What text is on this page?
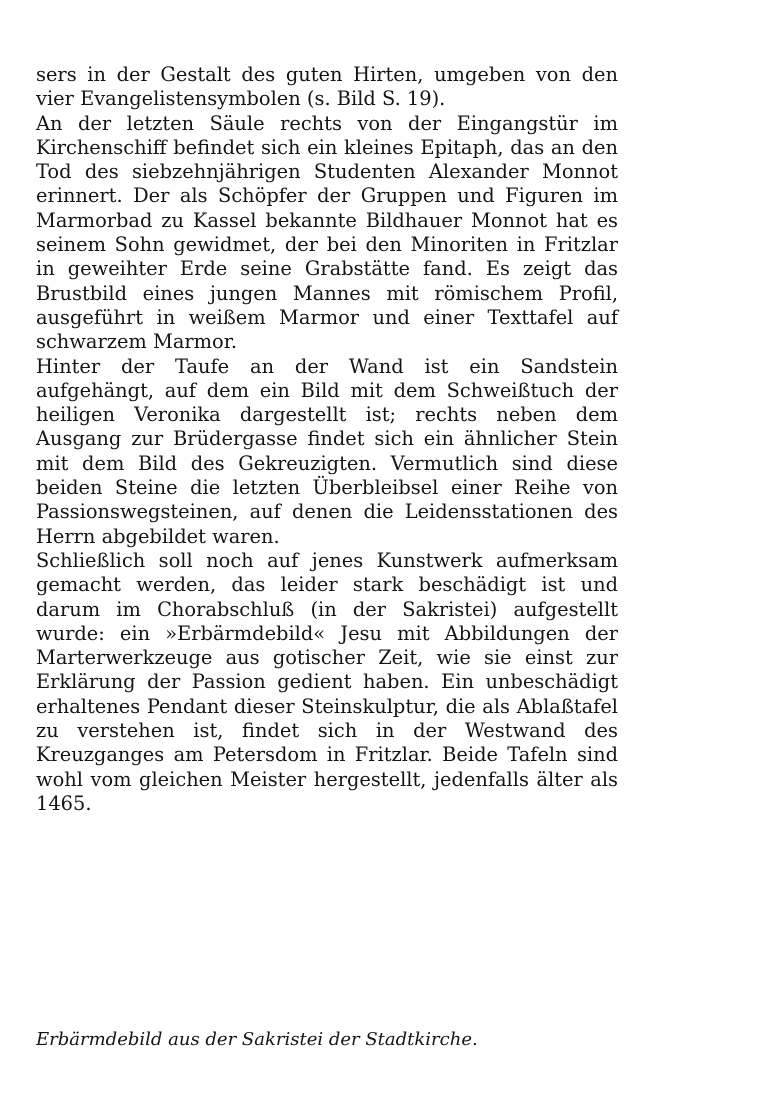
sers in der Gestalt des guten Hirten, umgeben von den vier Evangelistensymbolen (s. Bild S. 19).

An der letzten Säule rechts von der Eingangstür im Kirchenschiff befindet sich ein kleines Epitaph, das an den Tod des siebzehnjährigen Studenten Alexander Monnot erinnert. Der als Schöpfer der Gruppen und Figuren im Marmorbad zu Kassel bekannte Bildhauer Monnot hat es seinem Sohn gewidmet, der bei den Minoriten in Fritzlar in geweihter Erde seine Grabstätte fand. Es zeigt das Brustbild eines jungen Mannes mit römischem Profil, ausgeführt in weißem Marmor und einer Texttafel auf schwarzem Marmor.

Hinter der Taufe an der Wand ist ein Sandstein aufgehängt, auf dem ein Bild mit dem Schweißtuch der heiligen Veronika dargestellt ist; rechts neben dem Ausgang zur Brüdergasse findet sich ein ähnlicher Stein mit dem Bild des Gekreuzigten. Vermutlich sind diese beiden Steine die letzten Überbleibsel einer Reihe von Passionswegsteinen, auf denen die Leidensstationen des Herrn abgebildet waren.

Schließlich soll noch auf jenes Kunstwerk aufmerksam gemacht werden, das leider stark beschädigt ist und darum im Chorabschluß (in der Sakristei) aufgestellt wurde: ein »Erbärmdebild« Jesu mit Abbildungen der Marterwerkzeuge aus gotischer Zeit, wie sie einst zur Erklärung der Passion gedient haben. Ein unbeschädigt erhaltenes Pendant dieser Steinskulptur, die als Ablaßtafel zu verstehen ist, findet sich in der Westwand des Kreuzganges am Petersdom in Fritzlar. Beide Tafeln sind wohl vom gleichen Meister hergestellt, jedenfalls älter als 1465.

Erbärmdebild aus der Sakristei der Stadtkirche.
